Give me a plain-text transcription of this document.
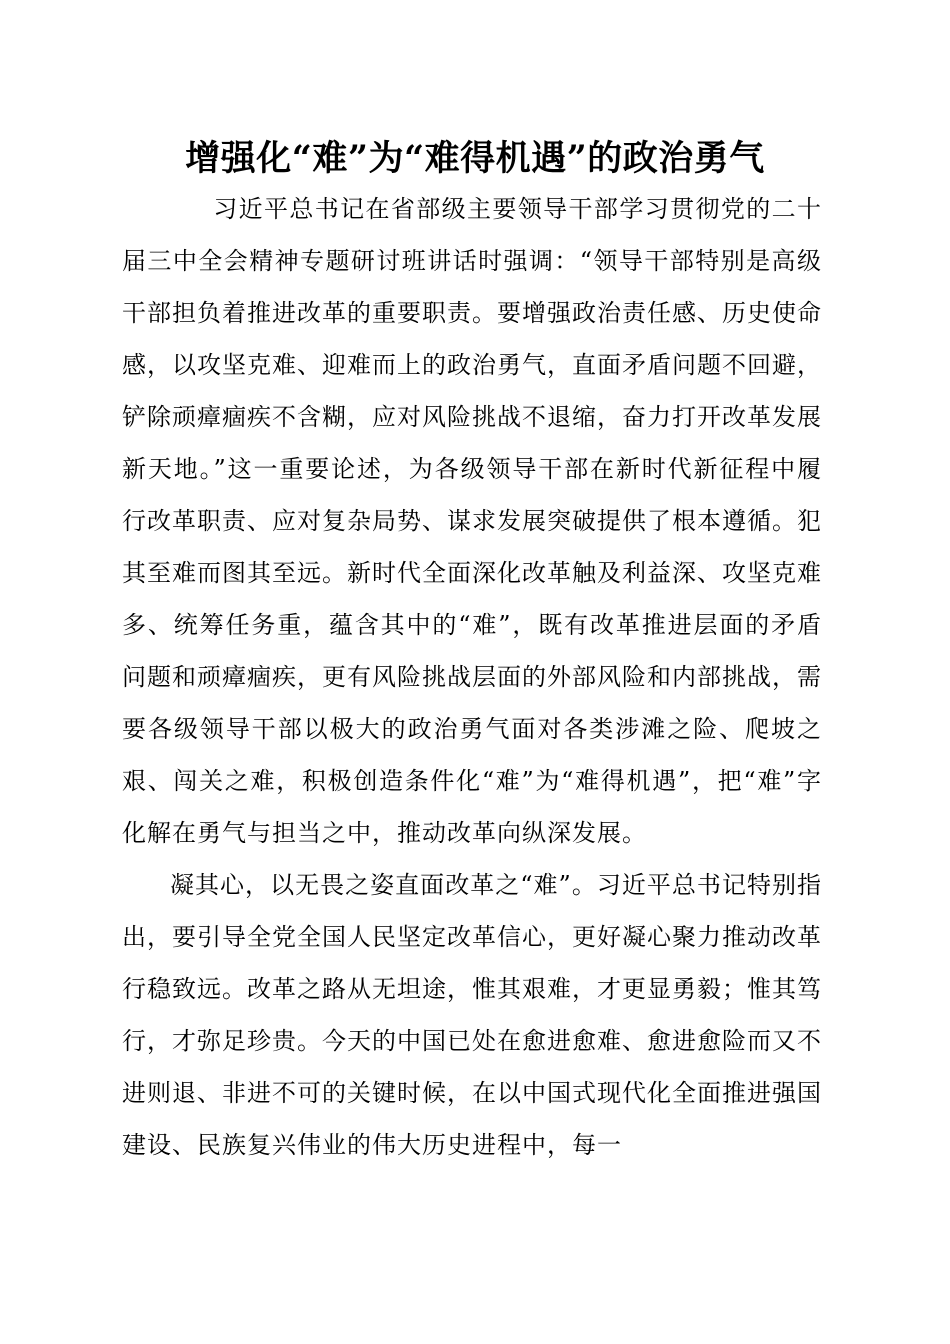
增强化“难”为“难得机遇”的政治勇气

习近平总书记在省部级主要领导干部学习贯彻党的二十届三中全会精神专题研讨班讲话时强调：“领导干部特别是高级干部担负着推进改革的重要职责。要增强政治责任感、历史使命感，以攻坚克难、迎难而上的政治勇气，直面矛盾问题不回避，铲除顽瘴痼疾不含糊，应对风险挑战不退缩，奋力打开改革发展新天地。”这一重要论述，为各级领导干部在新时代新征程中履行改革职责、应对复杂局势、谋求发展突破提供了根本遵循。犯其至难而图其至远。新时代全面深化改革触及利益深、攻坚克难多、统筹任务重，蕴含其中的“难”，既有改革推进层面的矛盾问题和顽瘴痼疾，更有风险挑战层面的外部风险和内部挑战，需要各级领导干部以极大的政治勇气面对各类涉滩之险、爬坡之艰、闯关之难，积极创造条件化“难”为“难得机遇”，把“难”字化解在勇气与担当之中，推动改革向纵深发展。

凝其心，以无畏之姿直面改革之“难”。习近平总书记特别指出，要引导全党全国人民坚定改革信心，更好凝心聚力推动改革行稳致远。改革之路从无坦途，惟其艰难，才更显勇毅；惟其笃行，才弥足珍贵。今天的中国已处在愈进愈难、愈进愈险而又不进则退、非进不可的关键时候，在以中国式现代化全面推进强国建设、民族复兴伟业的伟大历史进程中，每一
